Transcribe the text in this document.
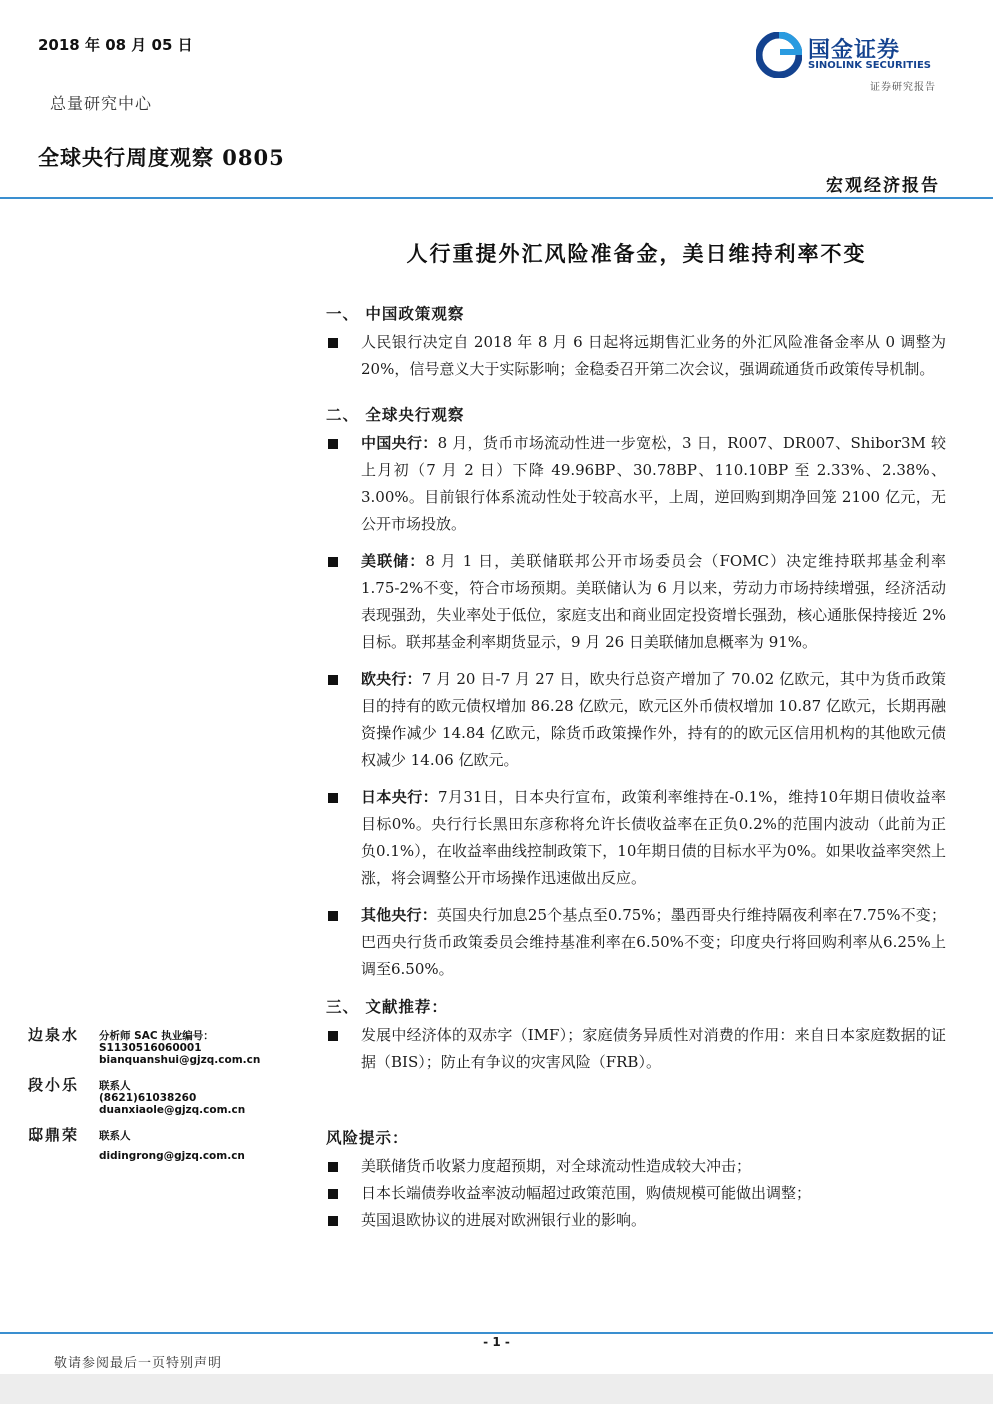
2018 年 08 月 05 日
总量研究中心
全球央行周度观察 0805
国金证券
SINOLINK SECURITIES
证券研究报告
宏观经济报告
人行重提外汇风险准备金，美日维持利率不变
一、 中国政策观察
人民银行决定自 2018 年 8 月 6 日起将远期售汇业务的外汇风险准备金率从 0 调整为 20%，信号意义大于实际影响；金稳委召开第二次会议，强调疏通货币政策传导机制。
二、 全球央行观察
中国央行：8 月，货币市场流动性进一步宽松，3 日，R007、DR007、Shibor3M 较上月初（7 月 2 日）下降 49.96BP、30.78BP、110.10BP 至 2.33%、2.38%、3.00%。目前银行体系流动性处于较高水平，上周，逆回购到期净回笼 2100 亿元，无公开市场投放。
美联储：8 月 1 日，美联储联邦公开市场委员会（FOMC）决定维持联邦基金利率 1.75-2%不变，符合市场预期。美联储认为 6 月以来，劳动力市场持续增强，经济活动表现强劲，失业率处于低位，家庭支出和商业固定投资增长强劲，核心通胀保持接近 2%目标。联邦基金利率期货显示，9 月 26 日美联储加息概率为 91%。
欧央行：7 月 20 日-7 月 27 日，欧央行总资产增加了 70.02 亿欧元，其中为货币政策目的持有的欧元债权增加 86.28 亿欧元，欧元区外币债权增加 10.87 亿欧元，长期再融资操作减少 14.84 亿欧元，除货币政策操作外，持有的的欧元区信用机构的其他欧元债权减少 14.06 亿欧元。
日本央行：7月31日，日本央行宣布，政策利率维持在-0.1%，维持10年期日债收益率目标0%。央行行长黑田东彦称将允许长债收益率在正负0.2%的范围内波动（此前为正负0.1%），在收益率曲线控制政策下，10年期日债的目标水平为0%。如果收益率突然上涨，将会调整公开市场操作迅速做出反应。
其他央行：英国央行加息25个基点至0.75%；墨西哥央行维持隔夜利率在7.75%不变；巴西央行货币政策委员会维持基准利率在6.50%不变；印度央行将回购利率从6.25%上调至6.50%。
三、 文献推荐：
发展中经济体的双赤字（IMF）；家庭债务异质性对消费的作用：来自日本家庭数据的证据（BIS）；防止有争议的灾害风险（FRB）。
风险提示：
美联储货币收紧力度超预期，对全球流动性造成较大冲击；
日本长端债券收益率波动幅超过政策范围，购债规模可能做出调整；
英国退欧协议的进展对欧洲银行业的影响。
边泉水 分析师 SAC 执业编号：S1130516060001
bianquanshui@gjzq.com.cn
段小乐 联系人
(8621)61038260
duanxiaole@gjzq.com.cn
邸鼎荣 联系人
didingrong@gjzq.com.cn
- 1 -
敬请参阅最后一页特别声明
